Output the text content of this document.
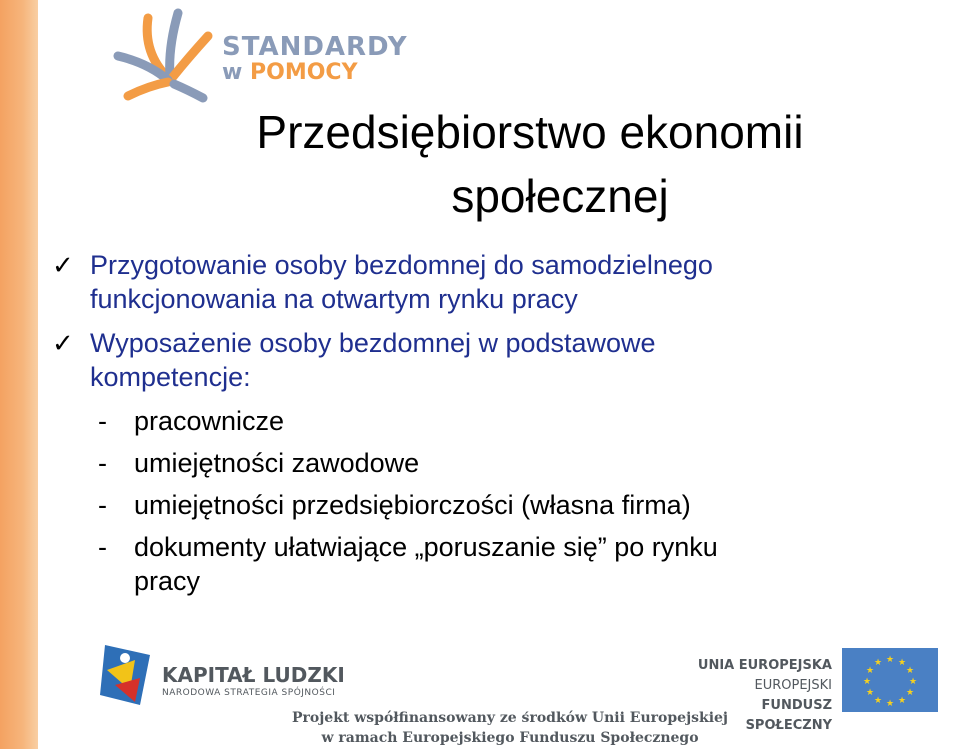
STANDARDY
w POMOCY
Przedsiębiorstwo ekonomii
społecznej
✓ Przygotowanie osoby bezdomnej do samodzielnego
funkcjonowania na otwartym rynku pracy
✓ Wyposażenie osoby bezdomnej w podstawowe
kompetencje:
- pracownicze
- umiejętności zawodowe
- umiejętności przedsiębiorczości (własna firma)
- dokumenty ułatwiające „poruszanie się” po rynku
pracy
KAPITAŁ LUDZKI
NARODOWA STRATEGIA SPÓJNOŚCI
UNIA EUROPEJSKA
EUROPEJSKI
FUNDUSZ SPOŁECZNY
★ ★
★
★
★
★
★
★
★
★
★
★
Projekt współfinansowany ze środków Unii Europejskiej
w ramach Europejskiego Funduszu Społecznego
